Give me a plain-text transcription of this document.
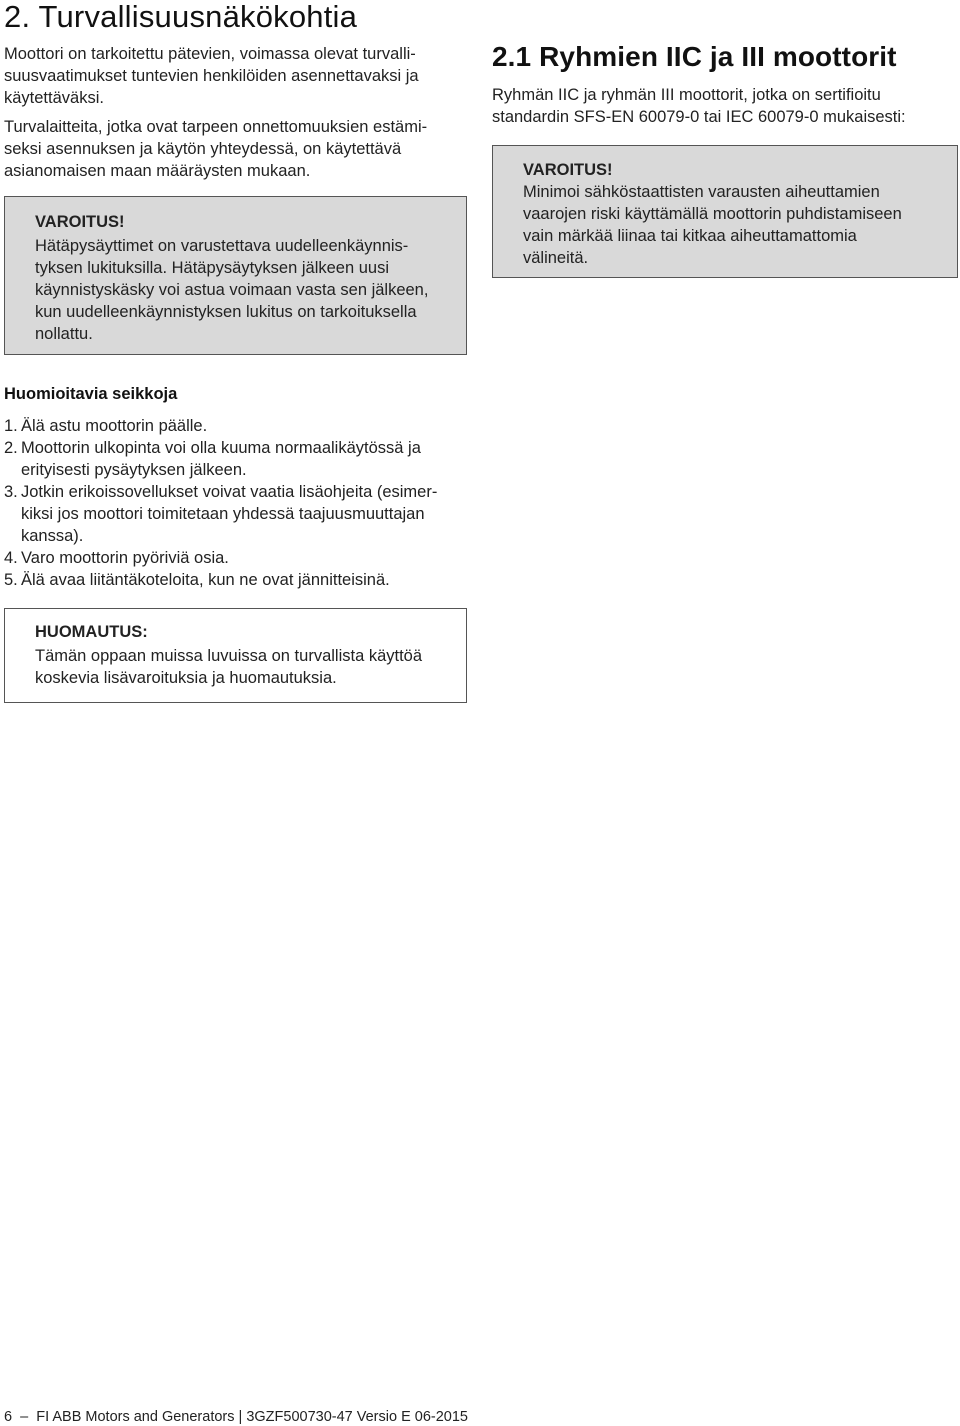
2. Turvallisuusnäkökohtia

Moottori on tarkoitettu pätevien, voimassa olevat turvalli-
suusvaatimukset tuntevien henkilöiden asennettavaksi ja
käytettäväksi.

Turvalaitteita, jotka ovat tarpeen onnettomuuksien estämi-
seksi asennuksen ja käytön yhteydessä, on käytettävä
asianomaisen maan määräysten mukaan.

VAROITUS!

Hätäpysäyttimet on varustettava uudelleenkäynnis-
tyksen lukituksilla. Hätäpysäytyksen jälkeen uusi
käynnistyskäsky voi astua voimaan vasta sen jälkeen,
kun uudelleenkäynnistyksen lukitus on tarkoituksella
nollattu.

2.1 Ryhmien IIC ja III moottorit

Ryhmän IIC ja ryhmän III moottorit, jotka on sertifioitu
standardin SFS-EN 60079-0 tai IEC 60079-0 mukaisesti:

VAROITUS!

Minimoi sähköstaattisten varausten aiheuttamien
vaarojen riski käyttämällä moottorin puhdistamiseen
vain märkää liinaa tai kitkaa aiheuttamattomia
välineitä.

Huomioitavia seikkoja
1. Älä astu moottorin päälle.
2. Moottorin ulkopinta voi olla kuuma normaalikäytössä ja
erityisesti pysäytyksen jälkeen.
3. Jotkin erikoissovellukset voivat vaatia lisäohjeita (esimer-
kiksi jos moottori toimitetaan yhdessä taajuusmuuttajan
kanssa).
4. Varo moottorin pyöriviä osia.
5. Älä avaa liitäntäkoteloita, kun ne ovat jännitteisinä.

HUOMAUTUS:

Tämän oppaan muissa luvuissa on turvallista käyttöä
koskevia lisävaroituksia ja huomautuksia.

6  –  FI ABB Motors and Generators | 3GZF500730-47 Versio E 06-2015
